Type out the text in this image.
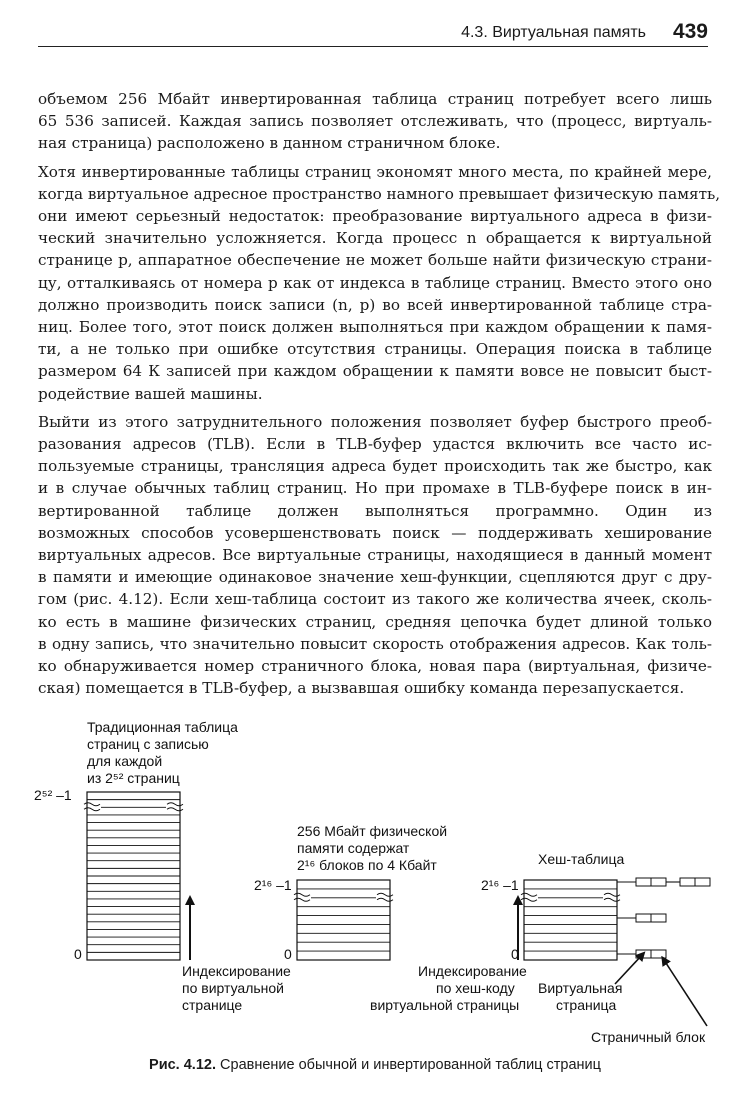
4.3. Виртуальная память 439
объемом 256 Мбайт инвертированная таблица страниц потребует всего лишь
65 536 записей. Каждая запись позволяет отслеживать, что (процесс, виртуаль-
ная страница) расположено в данном страничном блоке.
Хотя инвертированные таблицы страниц экономят много места, по крайней мере,
когда виртуальное адресное пространство намного превышает физическую память,
они имеют серьезный недостаток: преобразование виртуального адреса в физи-
ческий значительно усложняется. Когда процесс n обращается к виртуальной
странице p, аппаратное обеспечение не может больше найти физическую страни-
цу, отталкиваясь от номера p как от индекса в таблице страниц. Вместо этого оно
должно производить поиск записи (n, p) во всей инвертированной таблице стра-
ниц. Более того, этот поиск должен выполняться при каждом обращении к памя-
ти, а не только при ошибке отсутствия страницы. Операция поиска в таблице
размером 64 К записей при каждом обращении к памяти вовсе не повысит быст-
родействие вашей машины.
Выйти из этого затруднительного положения позволяет буфер быстрого преоб-
разования адресов (TLB). Если в TLB-буфер удастся включить все часто ис-
пользуемые страницы, трансляция адреса будет происходить так же быстро, как
и в случае обычных таблиц страниц. Но при промахе в TLB-буфере поиск в ин-
вертированной таблице должен выполняться программно. Один из
возможных способов усовершенствовать поиск — поддерживать хеширование
виртуальных адресов. Все виртуальные страницы, находящиеся в данный момент
в памяти и имеющие одинаковое значение хеш-функции, сцепляются друг с дру-
гом (рис. 4.12). Если хеш-таблица состоит из такого же количества ячеек, сколь-
ко есть в машине физических страниц, средняя цепочка будет длиной только
в одну запись, что значительно повысит скорость отображения адресов. Как толь-
ко обнаруживается номер страничного блока, новая пара (виртуальная, физиче-
ская) помещается в TLB-буфер, а вызвавшая ошибку команда перезапускается.
Традиционная таблица
страниц с записью
для каждой
из 2⁵² страниц
2⁵² –1
0
Индексирование
по виртуальной
странице
256 Мбайт физической
памяти содержат
2¹⁶ блоков по 4 Кбайт
2¹⁶ –1
0
Хеш-таблица
2¹⁶ –1
0
Индексирование
по хеш-коду
виртуальной страницы
Виртуальная
страница
Страничный блок
Рис. 4.12. Сравнение обычной и инвертированной таблиц страниц
